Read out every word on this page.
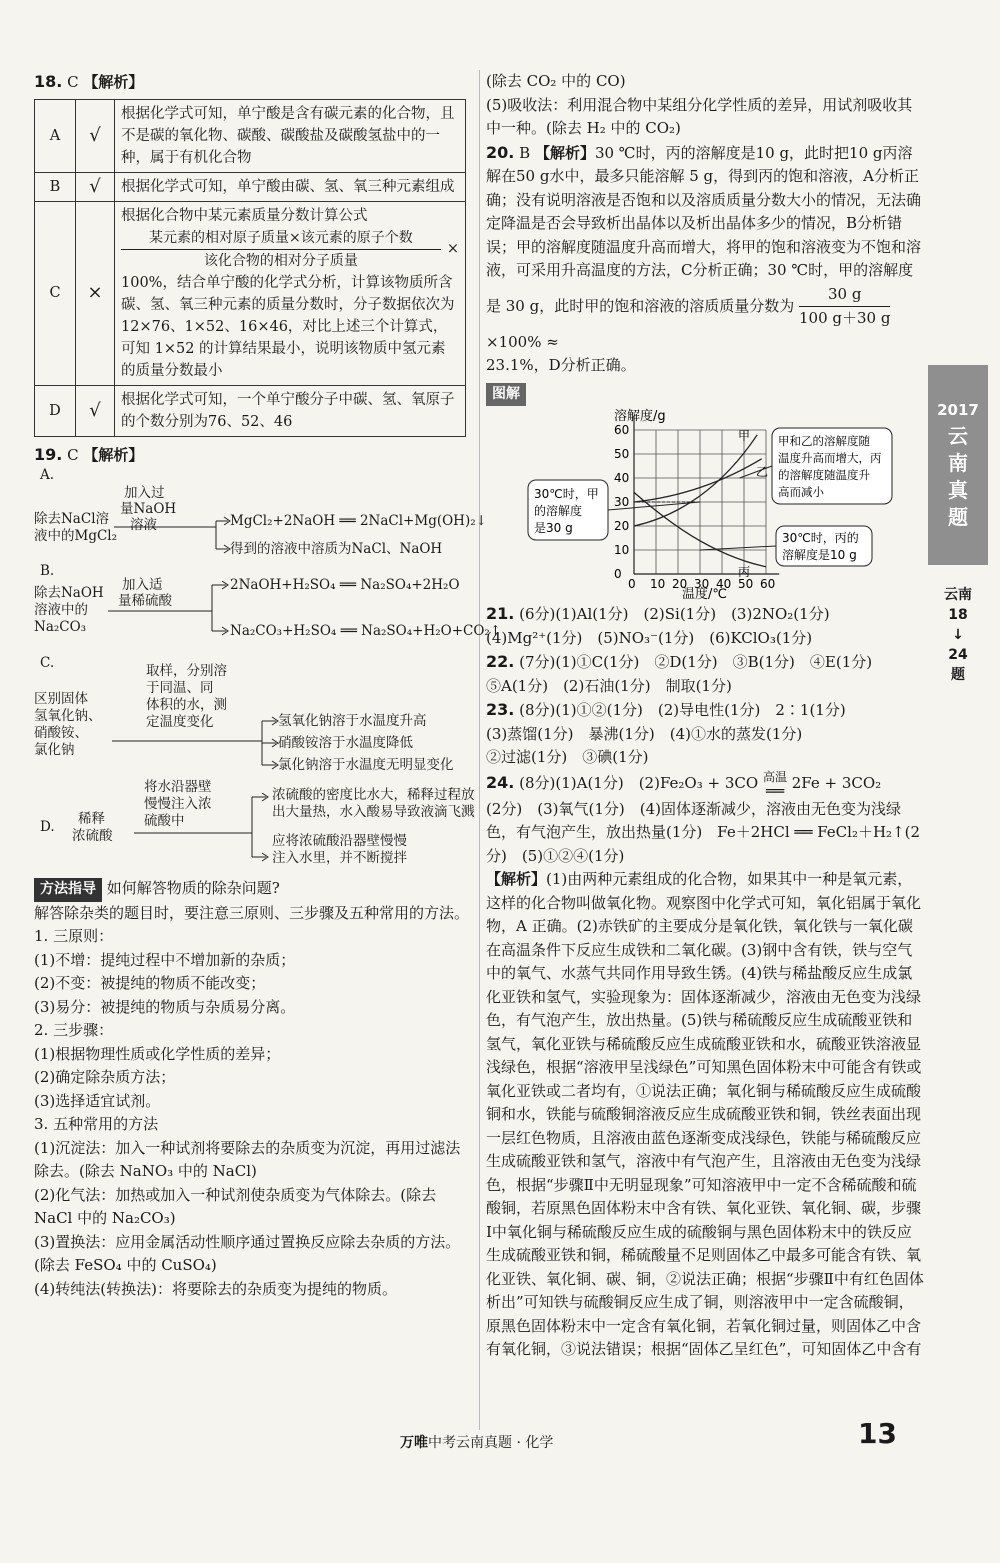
18. C 【解析】

A	√	根据化学式可知，单宁酸是含有碳元素的化合物，且不是碳的氧化物、碳酸、碳酸盐及碳酸氢盐中的一种，属于有机化合物
B	√	根据化学式可知，单宁酸由碳、氢、氧三种元素组成
C	×	根据化合物中某元素质量分数计算公式
$\frac{\text{某元素的相对原子质量×该元素的原子个数}}{\text{该化合物的相对分子质量}}$ ×
100%，结合单宁酸的化学式分析，计算该物质所含碳、氢、氧三种元素的质量分数时，分子数据依次为 12×76、1×52、16×46，对比上述三个计算式，可知 1×52 的计算结果最小，说明该物质中氢元素的质量分数最小

D	√	根据化学式可知，一个单宁酸分子中碳、氢、氧原子的个数分别为76、52、46

19. C 【解析】

A.
除去NaCl溶
液中的MgCl₂
加入过
量NaOH
溶液	MgCl₂+2NaOH ══ 2NaCl+Mg(OH)₂↓
得到的溶液中溶质为NaCl、NaOH
B.
除去NaOH
溶液中的
Na₂CO₃
加入适
量稀硫酸
2NaOH+H₂SO₄ ══ Na₂SO₄+2H₂O
Na₂CO₃+H₂SO₄ ══ Na₂SO₄+H₂O+CO₂↑
C.
区别固体
氢氧化钠、
硝酸铵、
氯化钠
取样，分别溶
于同温、同
体积的水，测
定温度变化	氢氧化钠溶于水温度升高
硝酸铵溶于水温度降低
氯化钠溶于水温度无明显变化
D. 稀释
浓硫酸
将水沿器壁
慢慢注入浓
硫酸中
浓硫酸的密度比水大，稀释过程放
出大量热，水入酸易导致液滴飞溅
应将浓硫酸沿器壁慢慢
注入水里，并不断搅拌

方法指导 如何解答物质的除杂问题?

解答除杂类的题目时，要注意三原则、三步骤及五种常用的方法。

1. 三原则：

(1)不增：提纯过程中不增加新的杂质；

(2)不变：被提纯的物质不能改变；

(3)易分：被提纯的物质与杂质易分离。

2. 三步骤：

(1)根据物理性质或化学性质的差异；

(2)确定除杂质方法；

(3)选择适宜试剂。

3. 五种常用的方法

(1)沉淀法：加入一种试剂将要除去的杂质变为沉淀，再用过滤法除去。(除去 NaNO₃ 中的 NaCl)

(2)化气法：加热或加入一种试剂使杂质变为气体除去。(除去 NaCl 中的 Na₂CO₃)

(3)置换法：应用金属活动性顺序通过置换反应除去杂质的方法。(除去 FeSO₄ 中的 CuSO₄)

(4)转纯法(转换法)：将要除去的杂质变为提纯的物质。

(除去 CO₂ 中的 CO)

(5)吸收法：利用混合物中某组分化学性质的差异，用试剂吸收其中一种。(除去 H₂ 中的 CO₂)

20. B 【解析】30 ℃时，丙的溶解度是10 g，此时把10 g丙溶解在50 g水中，最多只能溶解 5 g，得到丙的饱和溶液，A分析正确；没有说明溶液是否饱和以及溶质质量分数大小的情况，无法确定降温是否会导致析出晶体以及析出晶体多少的情况，B分析错误；甲的溶解度随温度升高而增大，将甲的饱和溶液变为不饱和溶液，可采用升高温度的方法，C分析正确；30 ℃时，甲的溶解度是 30 g，此时甲的饱和溶液的溶质质量分数为 $\frac{30 g}{100 g+30 g}$
×100% ≈

23.1%，D分析正确。

图解

0
0
10
10
20
20
30
30
40
40
50
50
60
60
溶解度/g
温度/℃
甲
乙
丙
30℃时，甲
的溶解度
是30 g
甲和乙的溶解度随
温度升高而增大，丙
的溶解度随温度升
高而减小
30℃时，丙的
溶解度是10 g

21. (6分)(1)Al(1分)　(2)Si(1分)　(3)2NO₂(1分)

(4)Mg²⁺(1分)　(5)NO₃⁻(1分)　(6)KClO₃(1分)

22. (7分)(1)①C(1分)　②D(1分)　③B(1分)　④E(1分)　⑤A(1分)　(2)石油(1分)　制取(1分)

23. (8分)(1)①②(1分)　(2)导电性(1分)　2∶1(1分)

(3)蒸馏(1分)　暴沸(1分)　(4)①水的蒸发(1分)

②过滤(1分)　③碘(1分)

24. (8分)(1)A(1分)　(2)Fe₂O₃ + 3CO 高温
══ 2Fe + 3CO₂

(2分)　(3)氧气(1分)　(4)固体逐渐减少，溶液由无色变为浅绿色，有气泡产生，放出热量(1分)　Fe＋2HCl ══ FeCl₂＋H₂↑(2分)　(5)①②④(1分)

【解析】(1)由两种元素组成的化合物，如果其中一种是氧元素，这样的化合物叫做氧化物。观察图中化学式可知，氧化铝属于氧化物，A 正确。(2)赤铁矿的主要成分是氧化铁，氧化铁与一氧化碳在高温条件下反应生成铁和二氧化碳。(3)钢中含有铁，铁与空气中的氧气、水蒸气共同作用导致生锈。(4)铁与稀盐酸反应生成氯化亚铁和氢气，实验现象为：固体逐渐减少，溶液由无色变为浅绿色，有气泡产生，放出热量。(5)铁与稀硫酸反应生成硫酸亚铁和氢气，氧化亚铁与稀硫酸反应生成硫酸亚铁和水，硫酸亚铁溶液显浅绿色，根据“溶液甲呈浅绿色”可知黑色固体粉末中可能含有铁或氧化亚铁或二者均有，①说法正确；氧化铜与稀硫酸反应生成硫酸铜和水，铁能与硫酸铜溶液反应生成硫酸亚铁和铜，铁丝表面出现一层红色物质，且溶液由蓝色逐渐变成浅绿色，铁能与稀硫酸反应生成硫酸亚铁和氢气，溶液中有气泡产生，且溶液由无色变为浅绿色，根据“步骤Ⅱ中无明显现象”可知溶液甲中一定不含稀硫酸和硫酸铜，若原黑色固体粉末中含有铁、氧化亚铁、氧化铜、碳，步骤Ⅰ中氧化铜与稀硫酸反应生成的硫酸铜与黑色固体粉末中的铁反应生成硫酸亚铁和铜，稀硫酸量不足则固体乙中最多可能含有铁、氧化亚铁、氧化铜、碳、铜，②说法正确；根据“步骤Ⅱ中有红色固体析出”可知铁与硫酸铜反应生成了铜，则溶液甲中一定含硫酸铜，原黑色固体粉末中一定含有氧化铜，若氧化铜过量，则固体乙中含有氧化铜，③说法错误；根据“固体乙呈红色”，可知固体乙中含有

2017
云
南
真
题
云南
18
↓
24
题
万唯中考云南真题 · 化学	13
